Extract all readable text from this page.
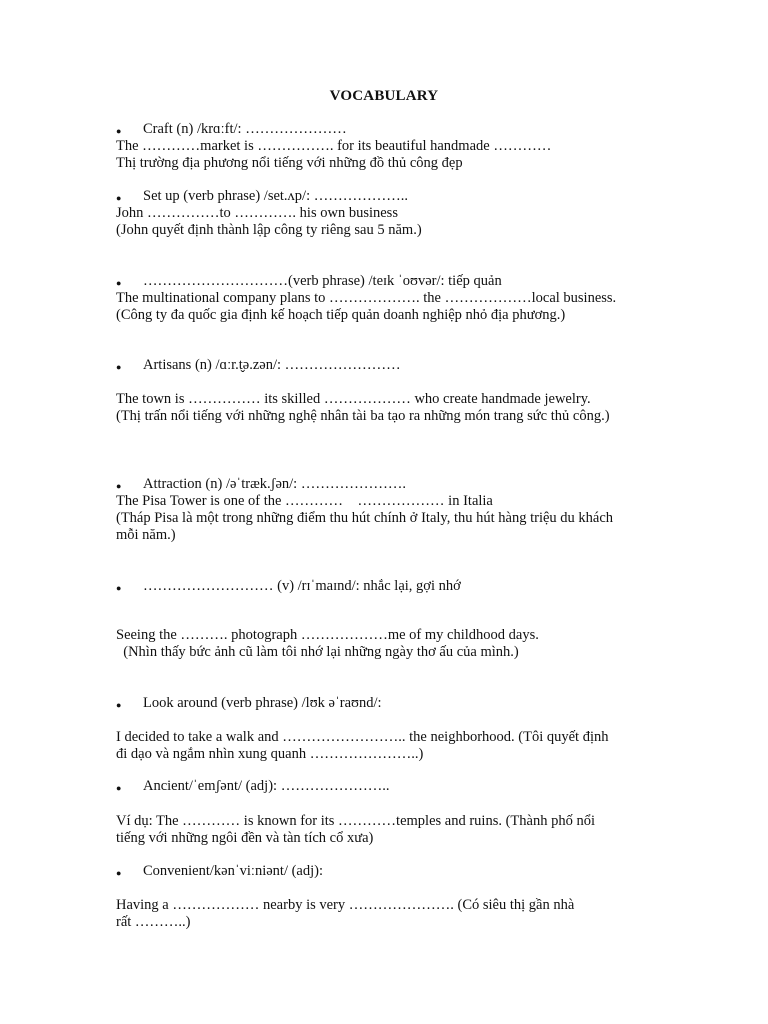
VOCABULARY
● Craft (n) /krɑːft/: …………………
The …………market is ……………. for its beautiful handmade …………
Thị trường địa phương nổi tiếng với những đồ thủ công đẹp
● Set up (verb phrase) /set.ʌp/: ………………..
John ……………to …………. his own business
(John quyết định thành lập công ty riêng sau 5 năm.)
● …………………………(verb phrase) /teɪk ˈoʊvər/: tiếp quản
The multinational company plans to ………………. the ………………local business.
(Công ty đa quốc gia định kế hoạch tiếp quản doanh nghiệp nhỏ địa phương.)
● Artisans (n) /ɑːr.t̬ə.zən/: ……………………
The town is …………… its skilled ……………… who create handmade jewelry.
(Thị trấn nổi tiếng với những nghệ nhân tài ba tạo ra những món trang sức thủ công.)
● Attraction (n) /əˈtræk.ʃən/: ………………….
The Pisa Tower is one of the …………    ……………… in Italia
(Tháp Pisa là một trong những điểm thu hút chính ở Italy, thu hút hàng triệu du khách
mỗi năm.)
● ……………………… (v) /rɪˈmaɪnd/: nhắc lại, gợi nhớ
Seeing the ………. photograph ………………me of my childhood days.
(Nhìn thấy bức ảnh cũ làm tôi nhớ lại những ngày thơ ấu của mình.)
● Look around (verb phrase) /lʊk əˈraʊnd/:
I decided to take a walk and …………………….. the neighborhood. (Tôi quyết định
đi dạo và ngắm nhìn xung quanh …………………..)
● Ancient/ˈemʃənt/ (adj): …………………..
Ví dụ: The ………… is known for its …………temples and ruins. (Thành phố nổi
tiếng với những ngôi đền và tàn tích cổ xưa)
● Convenient/kənˈviːniənt/ (adj):
Having a ……………… nearby is very …………………. (Có siêu thị gần nhà
rất ………..)
